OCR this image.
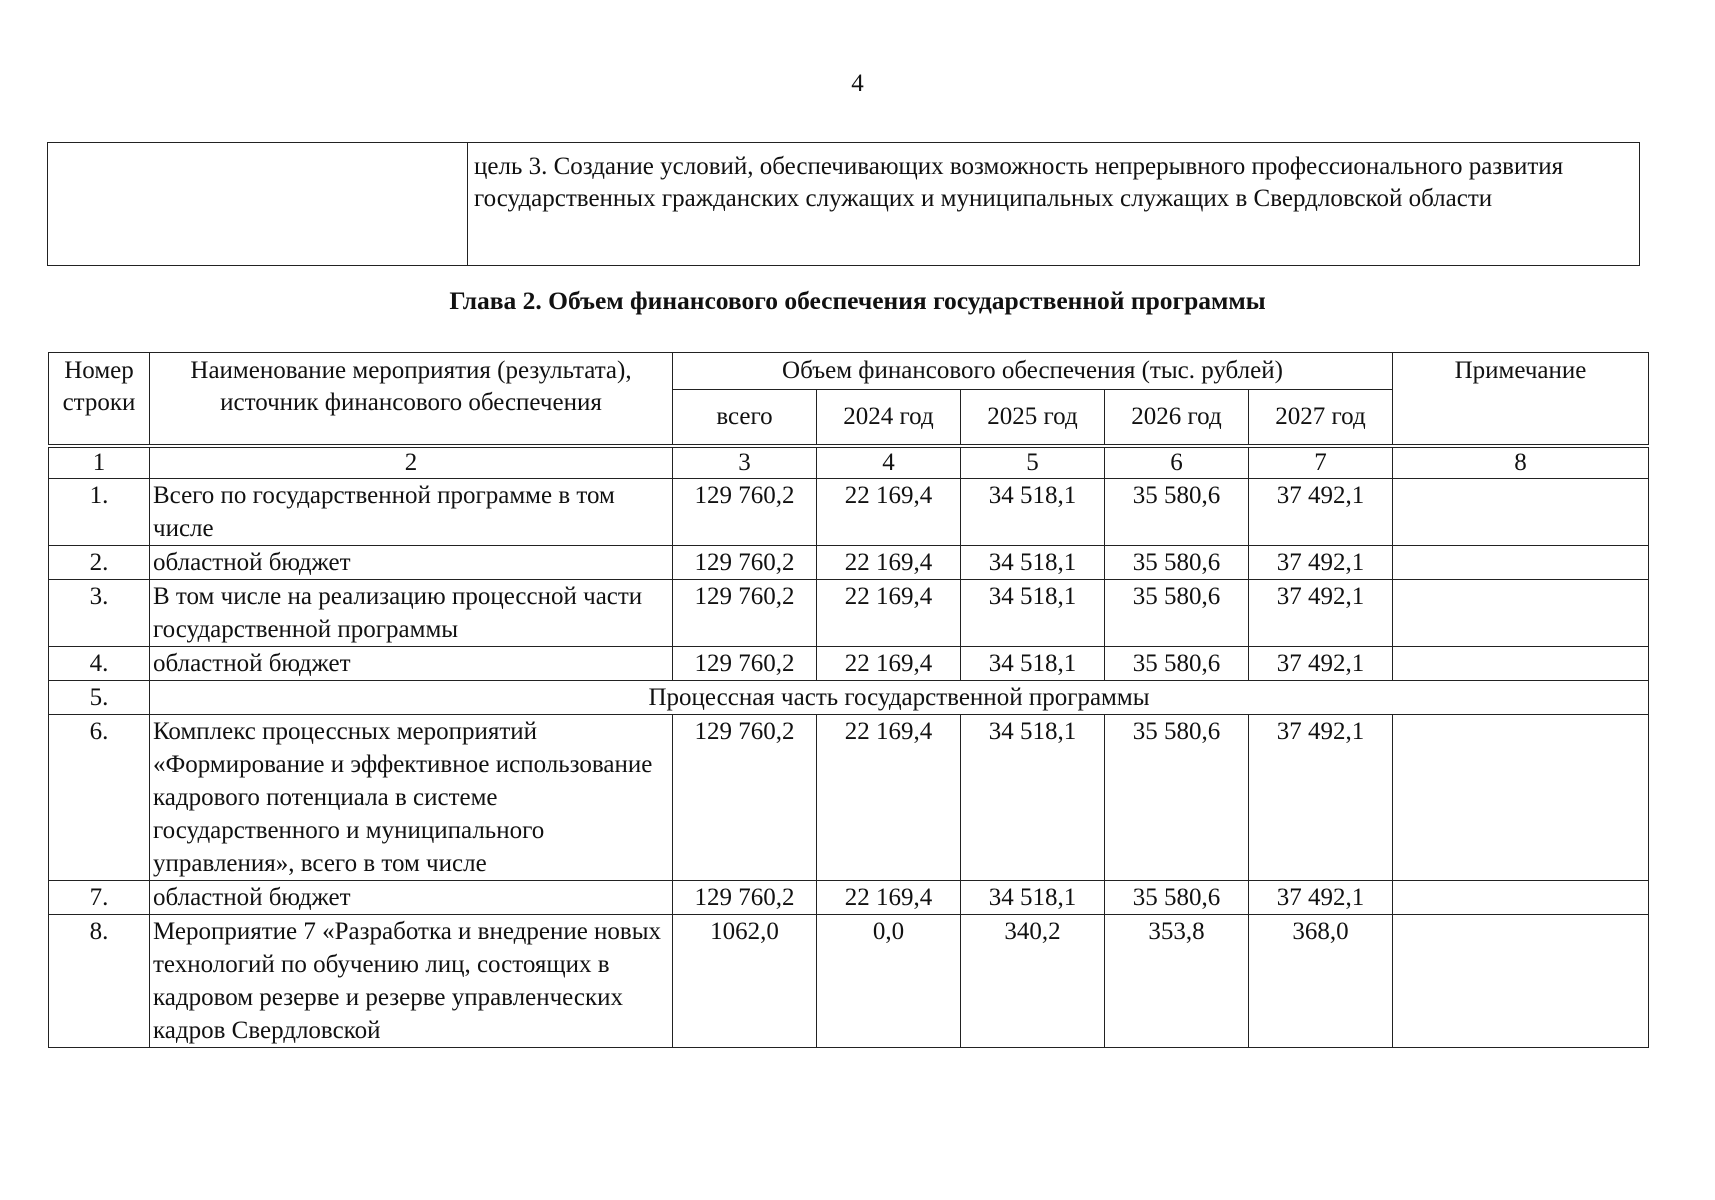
4
	цель 3. Создание условий, обеспечивающих возможность непрерывного профессионального развития государственных гражданских служащих и муниципальных служащих в Свердловской области
Глава 2. Объем финансового обеспечения государственной программы
Номер строки	Наименование мероприятия (результата), источник финансового обеспечения	Объем финансового обеспечения (тыс. рублей)					Примечание
		всего	2024 год	2025 год	2026 год	2027 год	
1	2	3	4	5	6	7	8
1.	Всего по государственной программе в том числе	129 760,2	22 169,4	34 518,1	35 580,6	37 492,1	
2.	областной бюджет	129 760,2	22 169,4	34 518,1	35 580,6	37 492,1	
3.	В том числе на реализацию процессной части государственной программы	129 760,2	22 169,4	34 518,1	35 580,6	37 492,1	
4.	областной бюджет	129 760,2	22 169,4	34 518,1	35 580,6	37 492,1	
5.	Процессная часть государственной программы						
6.	Комплекс процессных мероприятий «Формирование и эффективное использование кадрового потенциала в системе государственного и муниципального управления», всего в том числе	129 760,2	22 169,4	34 518,1	35 580,6	37 492,1	
7.	областной бюджет	129 760,2	22 169,4	34 518,1	35 580,6	37 492,1	
8.	Мероприятие 7 «Разработка и внедрение новых технологий по обучению лиц, состоящих в кадровом резерве и резерве управленческих кадров Свердловской	1062,0	0,0	340,2	353,8	368,0	
